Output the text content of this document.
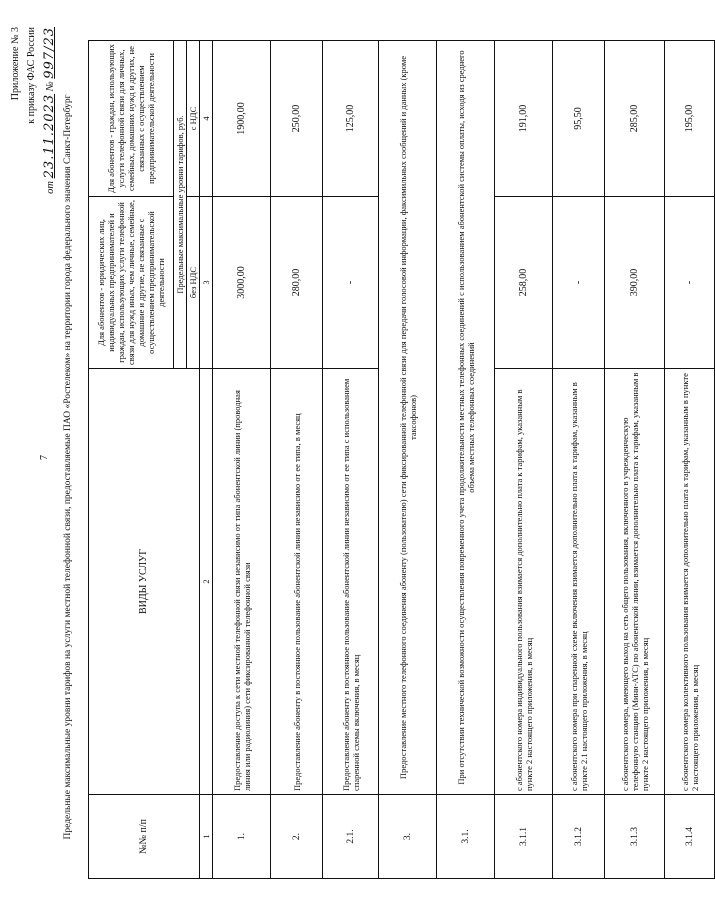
7
Приложение № 3 к приказу ФАС России
от 23.11.2023 № 997/23
Предельные максимальные уровни тарифов на услуги местной телефонной связи, предоставляемые ПАО «Ростелеком» на территории города федерального значения Санкт-Петербург	№№ п/п	ВИДЫ УСЛУГ	Для абонентов - юридических лиц, индивидуальных предпринимателей и граждан, использующих услуги телефонной связи для нужд иных, чем личные, семейные, домашние и другие, не связанные с осуществлением предпринимательской деятельности	Для абонентов - граждан, использующих услуги телефонной связи для личных, семейных, домашних нужд и других, не связанных с осуществлением предпринимательской деятельности
		Предельные максимальные уровни тарифов, руб.	
		без НДС	с НДС
1	2	3	4
1.	Предоставление доступа к сети местной телефонной связи независимо от типа абонентской линии (проводная линия или радиолиния) сети фиксированной телефонной связи	3000,00	1900,00
2.	Предоставление абоненту в постоянное пользование абонентской линии независимо от ее типа, в месяц	280,00	250,00
2.1.	Предоставление абоненту в постоянное пользование абонентской линии независимо от ее типа с использованием спаренной схемы включения, в месяц	-	125,00
3.	Предоставление местного телефонного соединения абоненту (пользователю) сети фиксированной телефонной связи для передачи голосовой информации, факсимильных сообщений и данных (кроме таксофонов)		
3.1.	При отсутствии технической возможности осуществления повременного учета продолжительности местных телефонных соединений с использованием абонентской системы оплаты, исходя из среднего объема местных телефонных соединений		
3.1.1	с абонентского номера индивидуального пользования взимается дополнительно плата к тарифам, указанным в пункте 2 настоящего приложения, в месяц	258,00	191,00
3.1.2	с абонентского номера при спаренной схеме включения взимается дополнительно плата к тарифам, указанным в пункте 2.1 настоящего приложения, в месяц	-	95,50
3.1.3	с абонентского номера, имеющего выход на сеть общего пользования, включенного в учрежденческую телефонную станцию (Мини-АТС) по абонентской линии, взимается дополнительно плата к тарифам, указанным в пункте 2 настоящего приложения, в месяц	390,00	285,00
3.1.4	с абонентского номера коллективного пользования взимается дополнительно плата к тарифам, указанным в пункте 2 настоящего приложения, в месяц	-	195,00
